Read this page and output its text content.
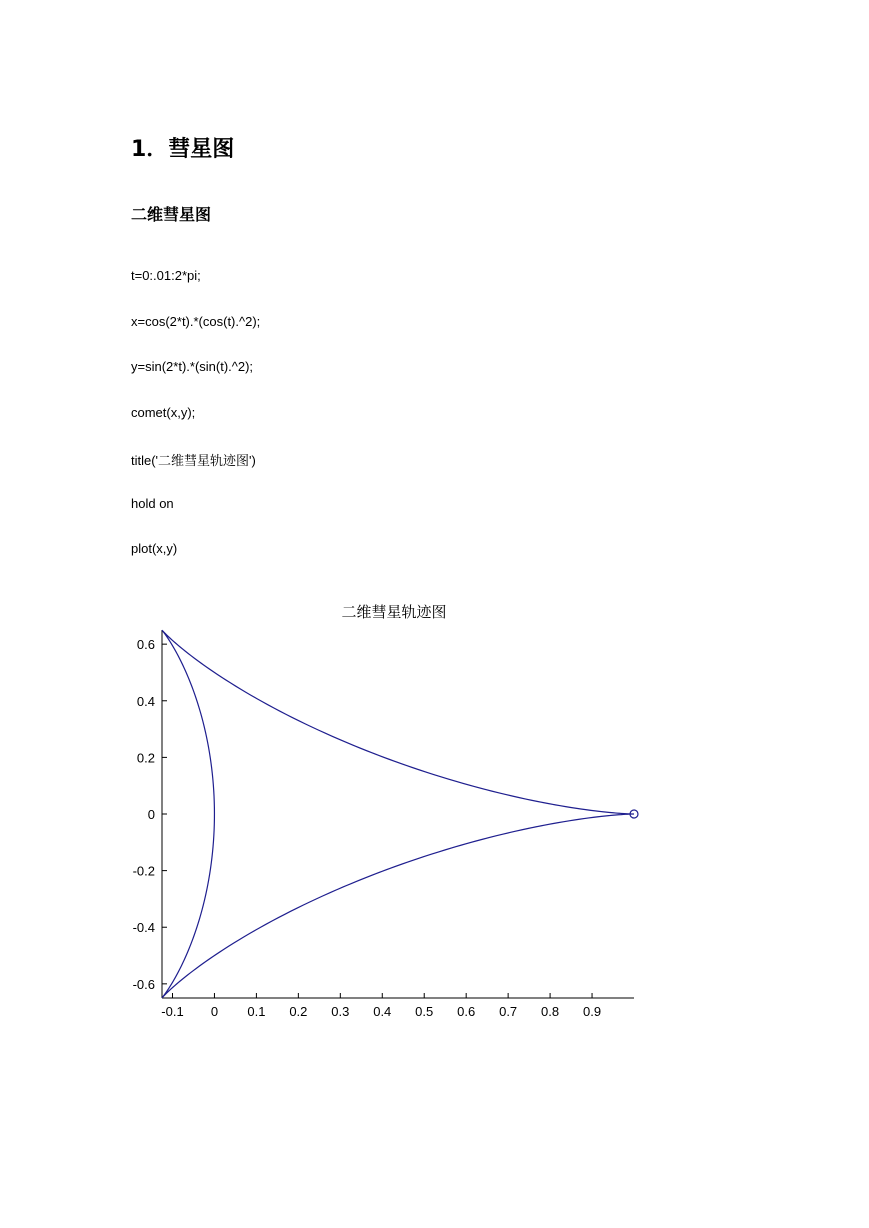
1．彗星图
二维彗星图
t=0:.01:2*pi;
x=cos(2*t).*(cos(t).^2);
y=sin(2*t).*(sin(t).^2);
comet(x,y);
title('二维彗星轨迹图')
hold on
plot(x,y)
二维彗星轨迹图
0.6
0.4
0.2
0
-0.2
-0.4
-0.6
-0.1 0 0.1 0.2 0.3 0.4 0.5 0.6 0.7 0.8 0.9
